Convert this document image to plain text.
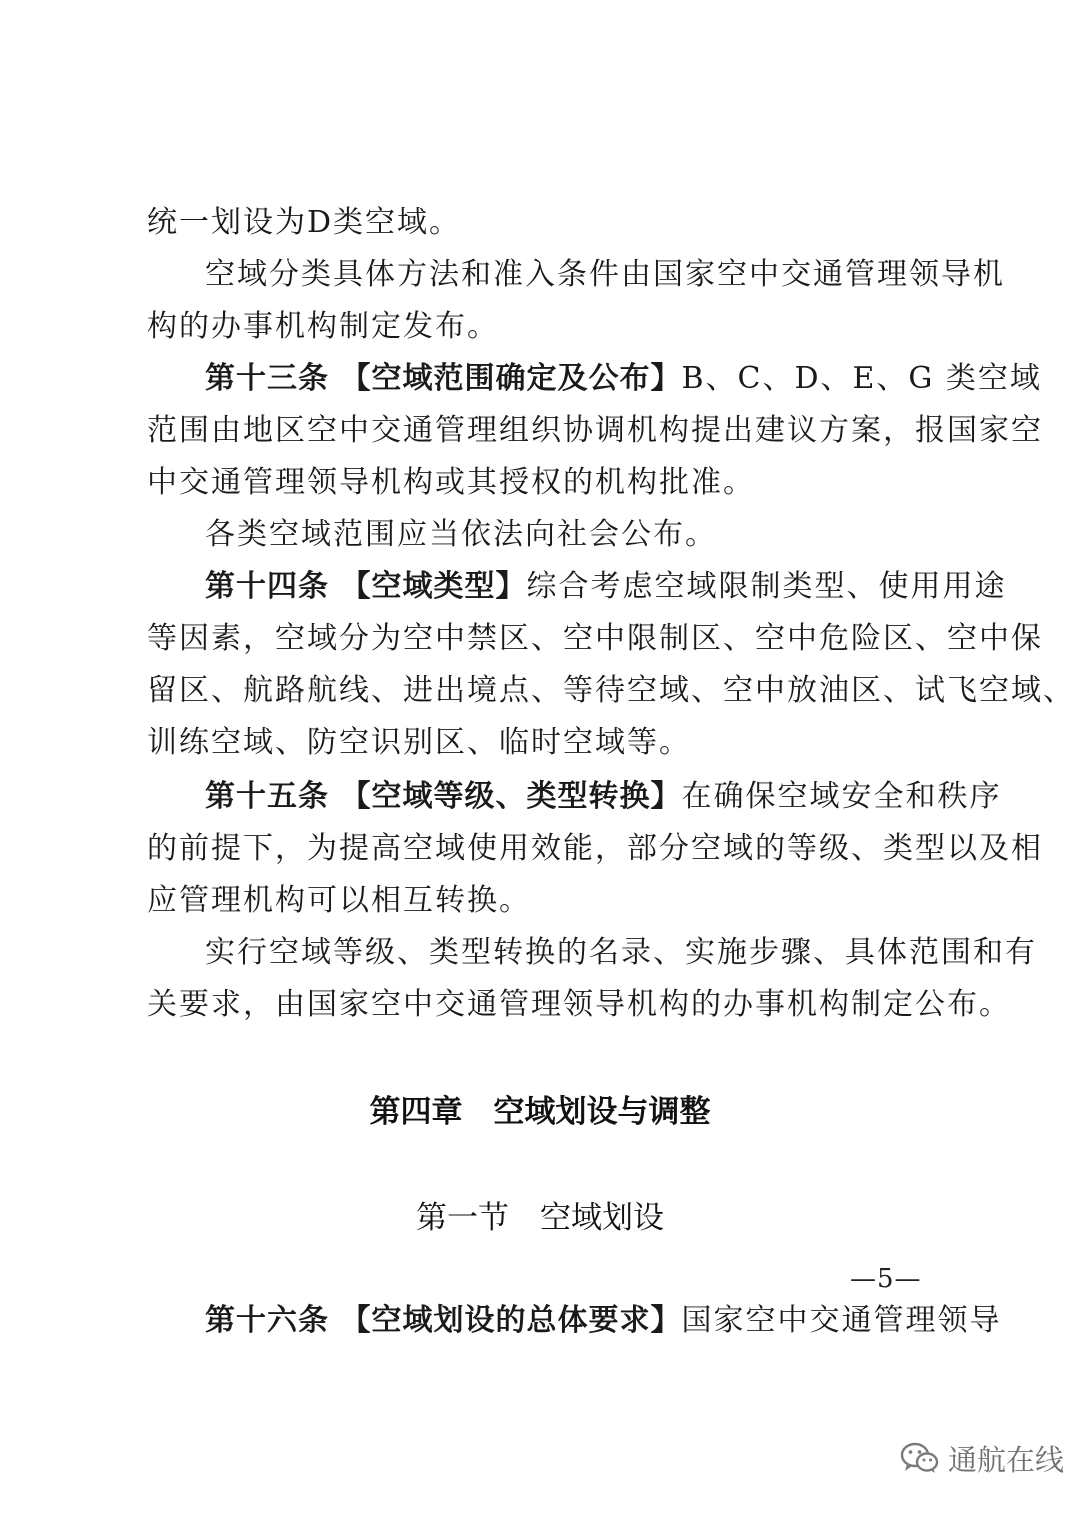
统一划设为D类空域。
空域分类具体方法和准入条件由国家空中交通管理领导机
构的办事机构制定发布。
第十三条 【空域范围确定及公布】B、C、D、E、G 类空域
范围由地区空中交通管理组织协调机构提出建议方案，报国家空
中交通管理领导机构或其授权的机构批准。
各类空域范围应当依法向社会公布。
第十四条 【空域类型】综合考虑空域限制类型、使用用途
等因素，空域分为空中禁区、空中限制区、空中危险区、空中保
留区、航路航线、进出境点、等待空域、空中放油区、试飞空域、
训练空域、防空识别区、临时空域等。
第十五条 【空域等级、类型转换】在确保空域安全和秩序
的前提下，为提高空域使用效能，部分空域的等级、类型以及相
应管理机构可以相互转换。
实行空域等级、类型转换的名录、实施步骤、具体范围和有
关要求，由国家空中交通管理领导机构的办事机构制定公布。
第四章　空域划设与调整
第一节　空域划设
第十六条 【空域划设的总体要求】国家空中交通管理领导
—5—
通航在线
